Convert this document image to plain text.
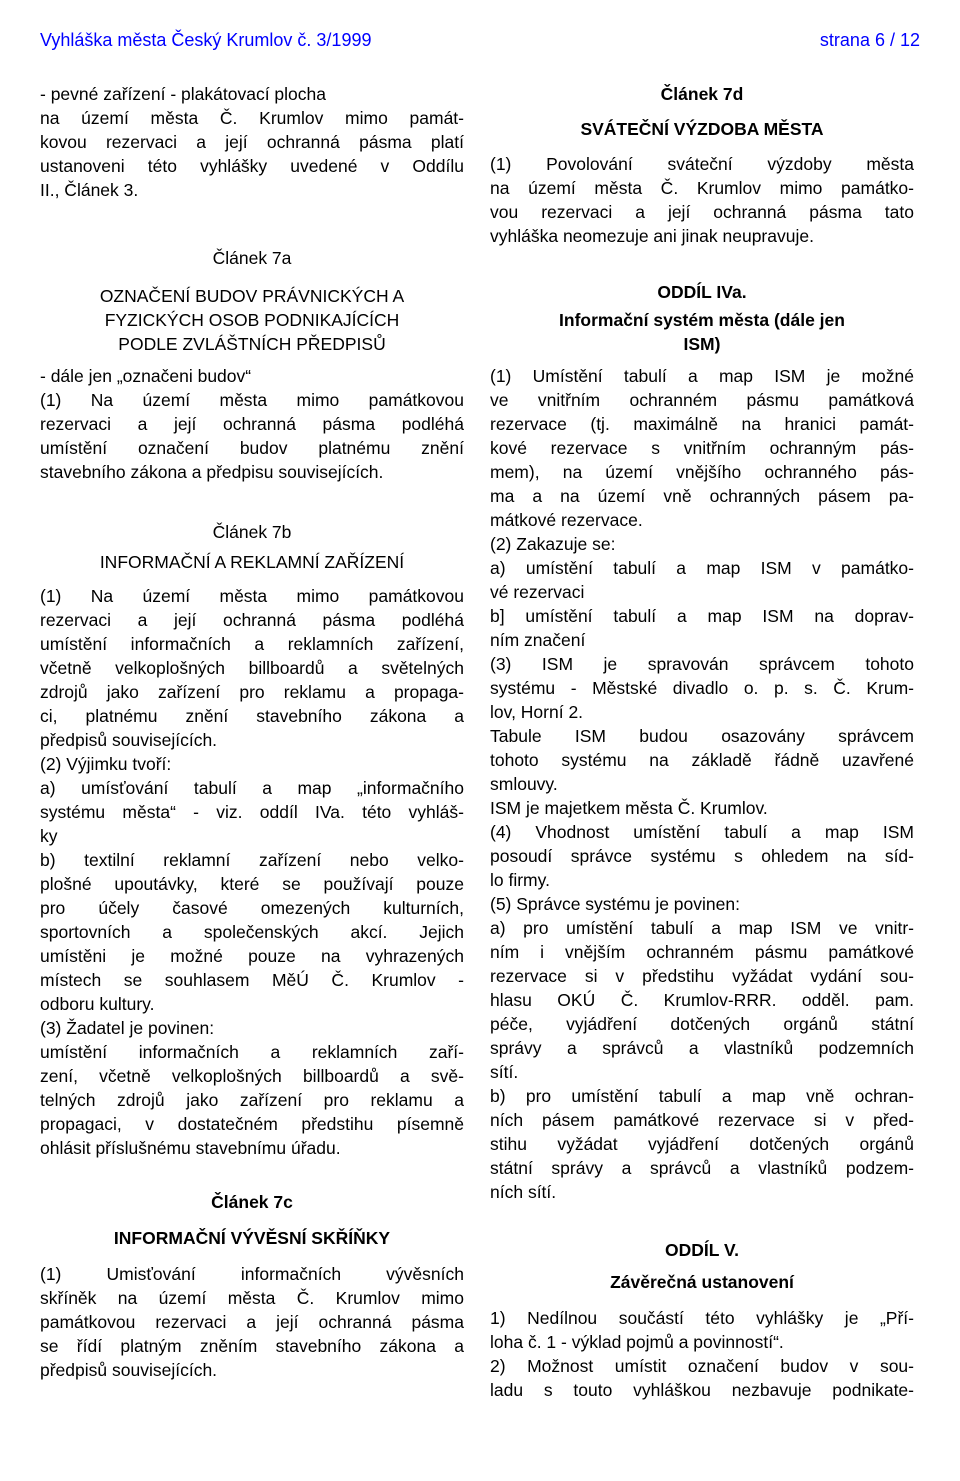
Vyhláška města Český Krumlov č. 3/1999	strana 6 / 12
- pevné zařízení - plakátovací plocha
na území města Č. Krumlov mimo památ-
kovou rezervaci a její ochranná pásma platí
ustanoveni této vyhlášky uvedené v Oddílu
II., Článek 3.
Článek 7a
OZNAČENÍ BUDOV PRÁVNICKÝCH A
FYZICKÝCH OSOB PODNIKAJÍCÍCH
PODLE ZVLÁŠTNÍCH PŘEDPISŮ
- dále jen „označeni budov“
(1) Na území města mimo památkovou
rezervaci a její ochranná pásma podléhá
umístění označení budov platnému znění
stavebního zákona a předpisu souvisejících.
Článek 7b
INFORMAČNÍ A REKLAMNÍ ZAŘÍZENÍ
(1) Na území města mimo památkovou
rezervaci a její ochranná pásma podléhá
umístění informačních a reklamních zařízení,
včetně velkoplošných billboardů a světelných
zdrojů jako zařízení pro reklamu a propaga-
ci, platnému znění stavebního zákona a
předpisů souvisejících.
(2) Výjimku tvoří:
a) umísťování tabulí a map „informačního
systému města“ - viz. oddíl IVa. této vyhláš-
ky
b) textilní reklamní zařízení nebo velko-
plošné upoutávky, které se používají pouze
pro účely časové omezených kulturních,
sportovních a společenských akcí. Jejich
umístěni je možné pouze na vyhrazených
místech se souhlasem MěÚ Č. Krumlov -
odboru kultury.
(3) Žadatel je povinen:
umístění informačních a reklamních zaří-
zení, včetně velkoplošných billboardů a svě-
telných zdrojů jako zařízení pro reklamu a
propagaci, v dostatečném předstihu písemně
ohlásit příslušnému stavebnímu úřadu.
Článek 7c
INFORMAČNÍ VÝVĚSNÍ SKŘÍŇKY
(1) Umisťování informačních vývěsních
skříněk na území města Č. Krumlov mimo
památkovou rezervaci a její ochranná pásma
se řídí platným zněním stavebního zákona a
předpisů souvisejících.
Článek 7d
SVÁTEČNÍ VÝZDOBA MĚSTA
(1) Povolování sváteční výzdoby města
na území města Č. Krumlov mimo památko-
vou rezervaci a její ochranná pásma tato
vyhláška neomezuje ani jinak neupravuje.
ODDÍL IVa.
Informační systém města (dále jen
ISM)
(1) Umístění tabulí a map ISM je možné
ve vnitřním ochranném pásmu památková
rezervace (tj. maximálně na hranici památ-
kové rezervace s vnitřním ochranným pás-
mem), na území vnějšího ochranného pás-
ma a na území vně ochranných pásem pa-
mátkové rezervace.
(2) Zakazuje se:
a) umístění tabulí a map ISM v památko-
vé rezervaci
b] umístění tabulí a map ISM na doprav-
ním značení
(3) ISM je spravován správcem tohoto
systému - Městské divadlo o. p. s. Č. Krum-
lov, Horní 2.
Tabule ISM budou osazovány správcem
tohoto systému na základě řádně uzavřené
smlouvy.
ISM je majetkem města Č. Krumlov.
(4) Vhodnost umístění tabulí a map ISM
posoudí správce systému s ohledem na síd-
lo firmy.
(5) Správce systému je povinen:
a) pro umístění tabulí a map ISM ve vnitr-
ním i vnějším ochranném pásmu památkové
rezervace si v předstihu vyžádat vydání sou-
hlasu OKÚ Č. Krumlov-RRR. odděl. pam.
péče, vyjádření dotčených orgánů státní
správy a správců a vlastníků podzemních
sítí.
b) pro umístění tabulí a map vně ochran-
ních pásem památkové rezervace si v před-
stihu vyžádat vyjádření dotčených orgánů
státní správy a správců a vlastníků podzem-
ních sítí.
ODDÍL V.
Závěrečná ustanovení
1) Nedílnou součástí této vyhlášky je „Pří-
loha č. 1 - výklad pojmů a povinností“.
2) Možnost umístit označení budov v sou-
ladu s touto vyhláškou nezbavuje podnikate-
